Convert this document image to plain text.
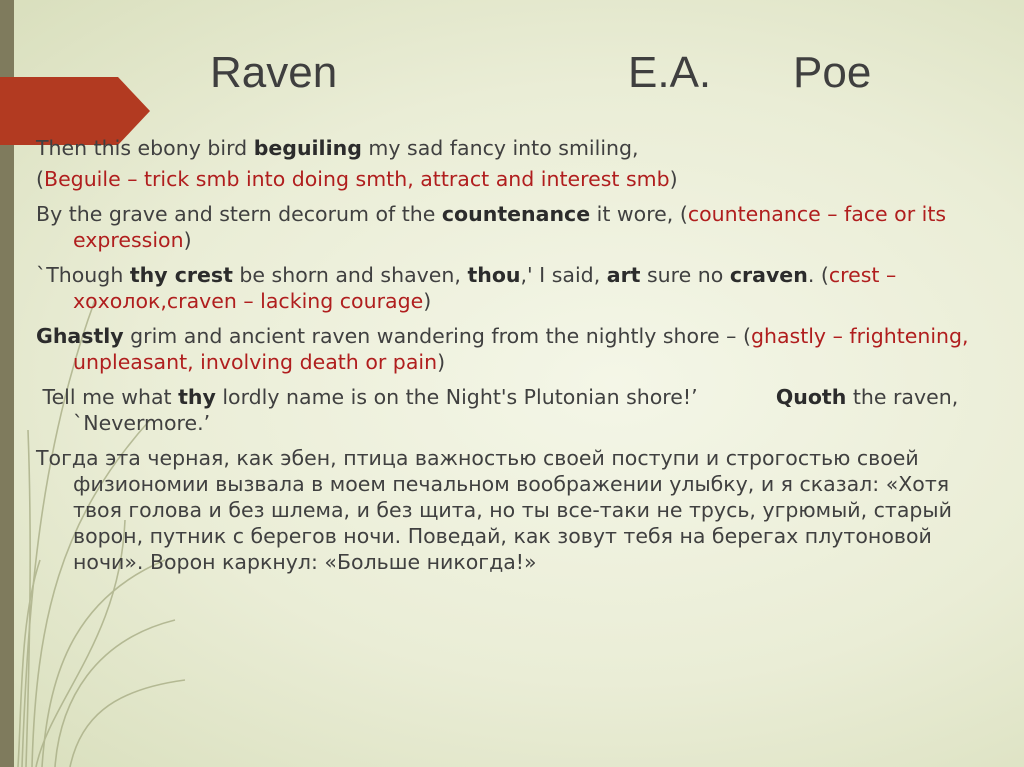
Raven	E.A. Poe

Then this ebony bird beguiling my sad fancy into smiling,

(Beguile – trick smb into doing smth, attract and interest smb)

By the grave and stern decorum of the countenance it wore, (countenance – face or its expression)

`Though thy crest be shorn and shaven, thou,' I said, art sure no craven. (crest – хохолок,craven – lacking courage)

Ghastly grim and ancient raven wandering from the nightly shore – (ghastly – frightening, unpleasant, involving death or pain)

Tell me what thy lordly name is on the Night's Plutonian shore!’            Quoth the raven, `Nevermore.’

Тогда эта черная, как эбен, птица важностью своей поступи и строгостью своей физиономии вызвала в моем печальном воображении улыбку, и я сказал: «Хотя твоя голова и без шлема, и без щита, но ты все-таки не трусь, угрюмый, старый ворон, путник с берегов ночи. Поведай, как зовут тебя на берегах плутоновой ночи». Ворон каркнул: «Больше никогда!»
